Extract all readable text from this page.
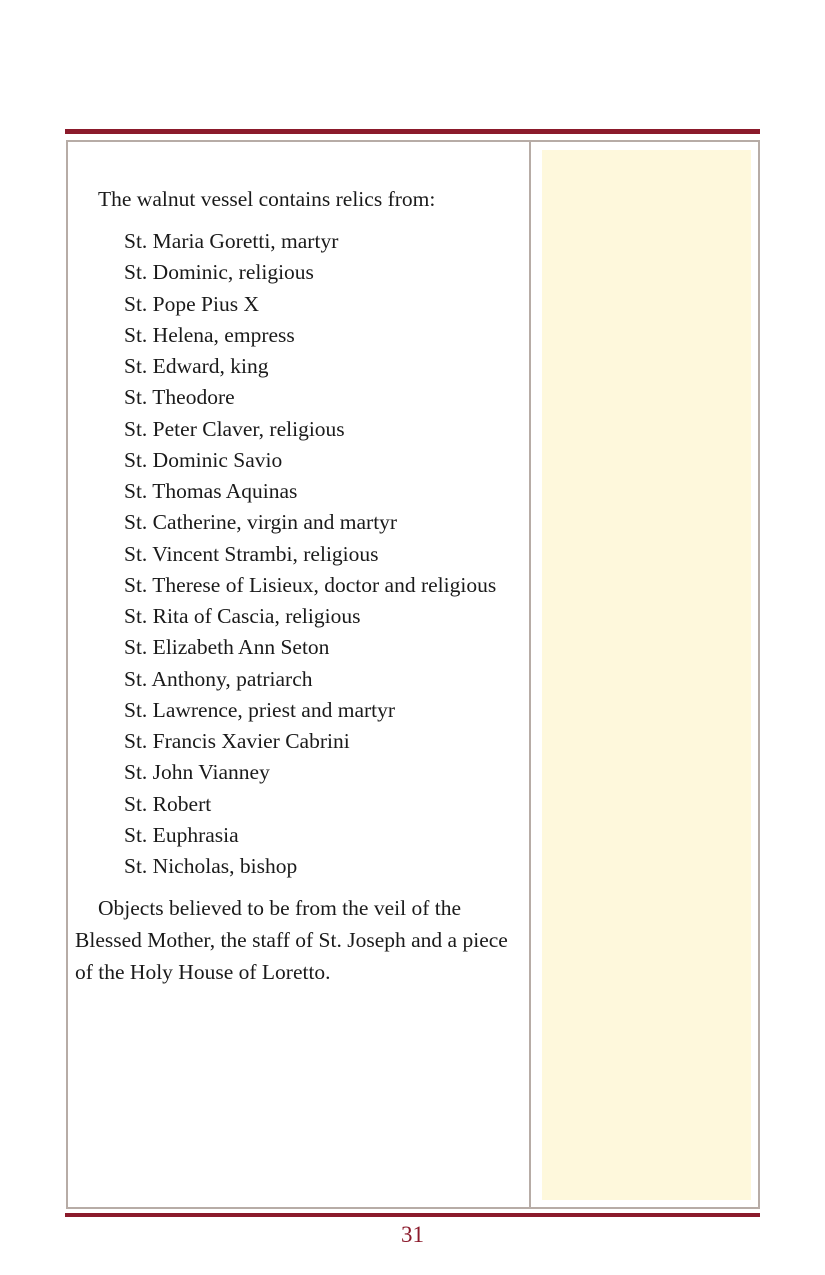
The walnut vessel contains relics from:

St. Maria Goretti, martyr
St. Dominic, religious
St. Pope Pius X
St. Helena, empress
St. Edward, king
St. Theodore
St. Peter Claver, religious
St. Dominic Savio
St. Thomas Aquinas
St. Catherine, virgin and martyr
St. Vincent Strambi, religious
St. Therese of Lisieux, doctor and religious
St. Rita of Cascia, religious
St. Elizabeth Ann Seton
St. Anthony, patriarch
St. Lawrence, priest and martyr
St. Francis Xavier Cabrini
St. John Vianney
St. Robert
St. Euphrasia
St. Nicholas, bishop

Objects believed to be from the veil of the Blessed Mother, the staff of St. Joseph and a piece of the Holy House of Loretto.

31
